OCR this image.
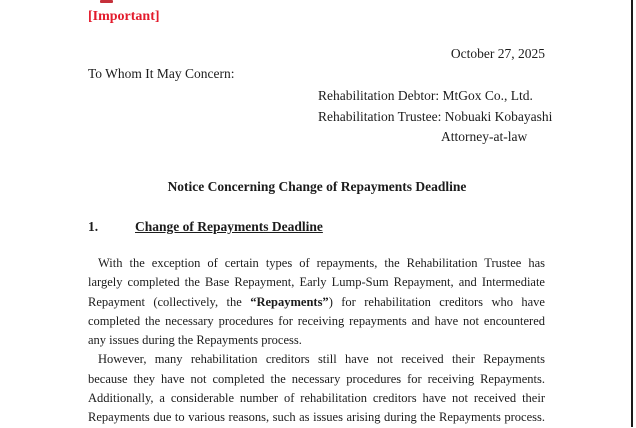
[Important]
October 27, 2025
To Whom It May Concern:
Rehabilitation Debtor: MtGox Co., Ltd.
Rehabilitation Trustee: Nobuaki Kobayashi
Attorney-at-law
Notice Concerning Change of Repayments Deadline
1.	Change of Repayments Deadline
With the exception of certain types of repayments, the Rehabilitation Trustee has
largely completed the Base Repayment, Early Lump-Sum Repayment, and Intermediate
Repayment (collectively, the “Repayments”) for rehabilitation creditors who have
completed the necessary procedures for receiving repayments and have not encountered
any issues during the Repayments process.
However, many rehabilitation creditors still have not received their Repayments
because they have not completed the necessary procedures for receiving Repayments.
Additionally, a considerable number of rehabilitation creditors have not received their
Repayments due to various reasons, such as issues arising during the Repayments process.
